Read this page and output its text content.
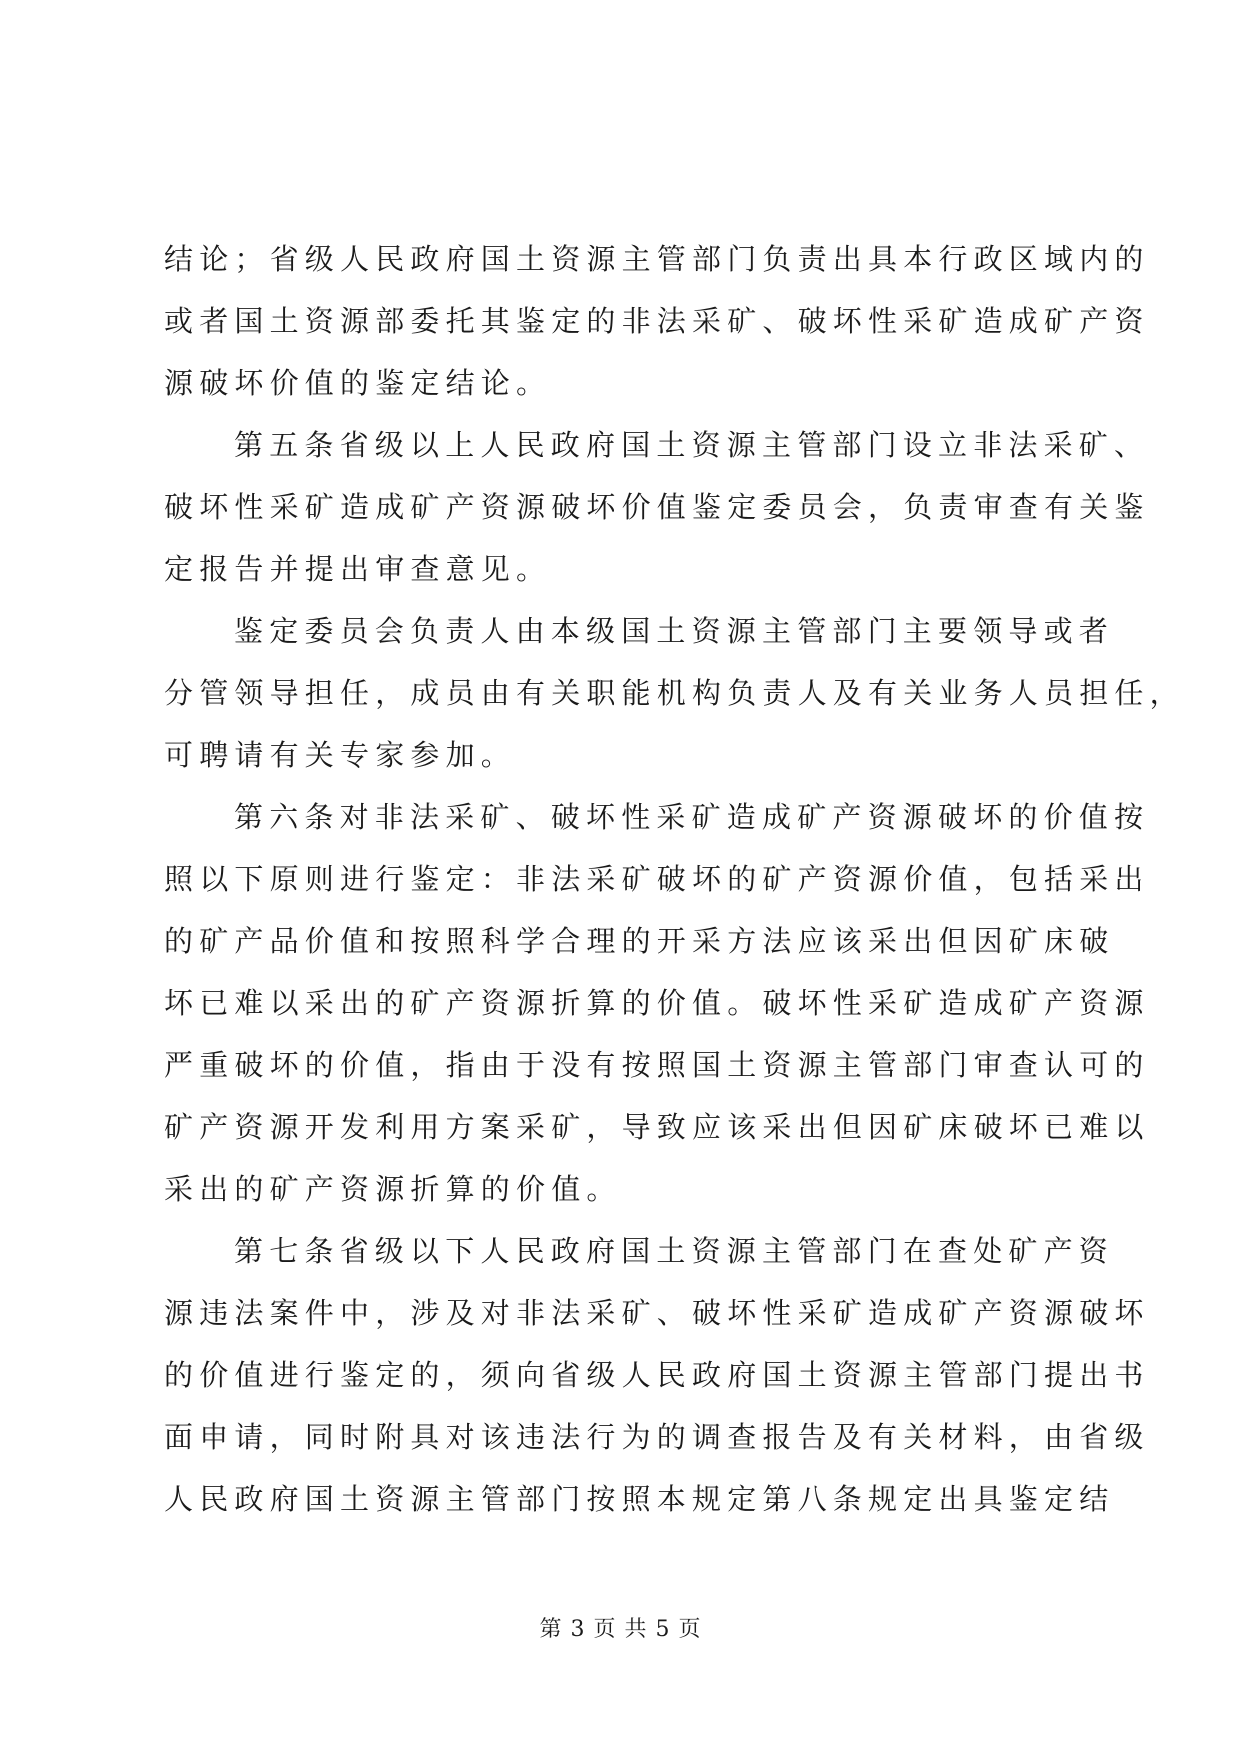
结论；省级人民政府国土资源主管部门负责出具本行政区域内的
或者国土资源部委托其鉴定的非法采矿、破坏性采矿造成矿产资
源破坏价值的鉴定结论。
第五条省级以上人民政府国土资源主管部门设立非法采矿、
破坏性采矿造成矿产资源破坏价值鉴定委员会，负责审查有关鉴
定报告并提出审查意见。
鉴定委员会负责人由本级国土资源主管部门主要领导或者
分管领导担任，成员由有关职能机构负责人及有关业务人员担任，
可聘请有关专家参加。
第六条对非法采矿、破坏性采矿造成矿产资源破坏的价值按
照以下原则进行鉴定：非法采矿破坏的矿产资源价值，包括采出
的矿产品价值和按照科学合理的开采方法应该采出但因矿床破
坏已难以采出的矿产资源折算的价值。破坏性采矿造成矿产资源
严重破坏的价值，指由于没有按照国土资源主管部门审查认可的
矿产资源开发利用方案采矿，导致应该采出但因矿床破坏已难以
采出的矿产资源折算的价值。
第七条省级以下人民政府国土资源主管部门在查处矿产资
源违法案件中，涉及对非法采矿、破坏性采矿造成矿产资源破坏
的价值进行鉴定的，须向省级人民政府国土资源主管部门提出书
面申请，同时附具对该违法行为的调查报告及有关材料，由省级
人民政府国土资源主管部门按照本规定第八条规定出具鉴定结
第 3 页 共 5 页
